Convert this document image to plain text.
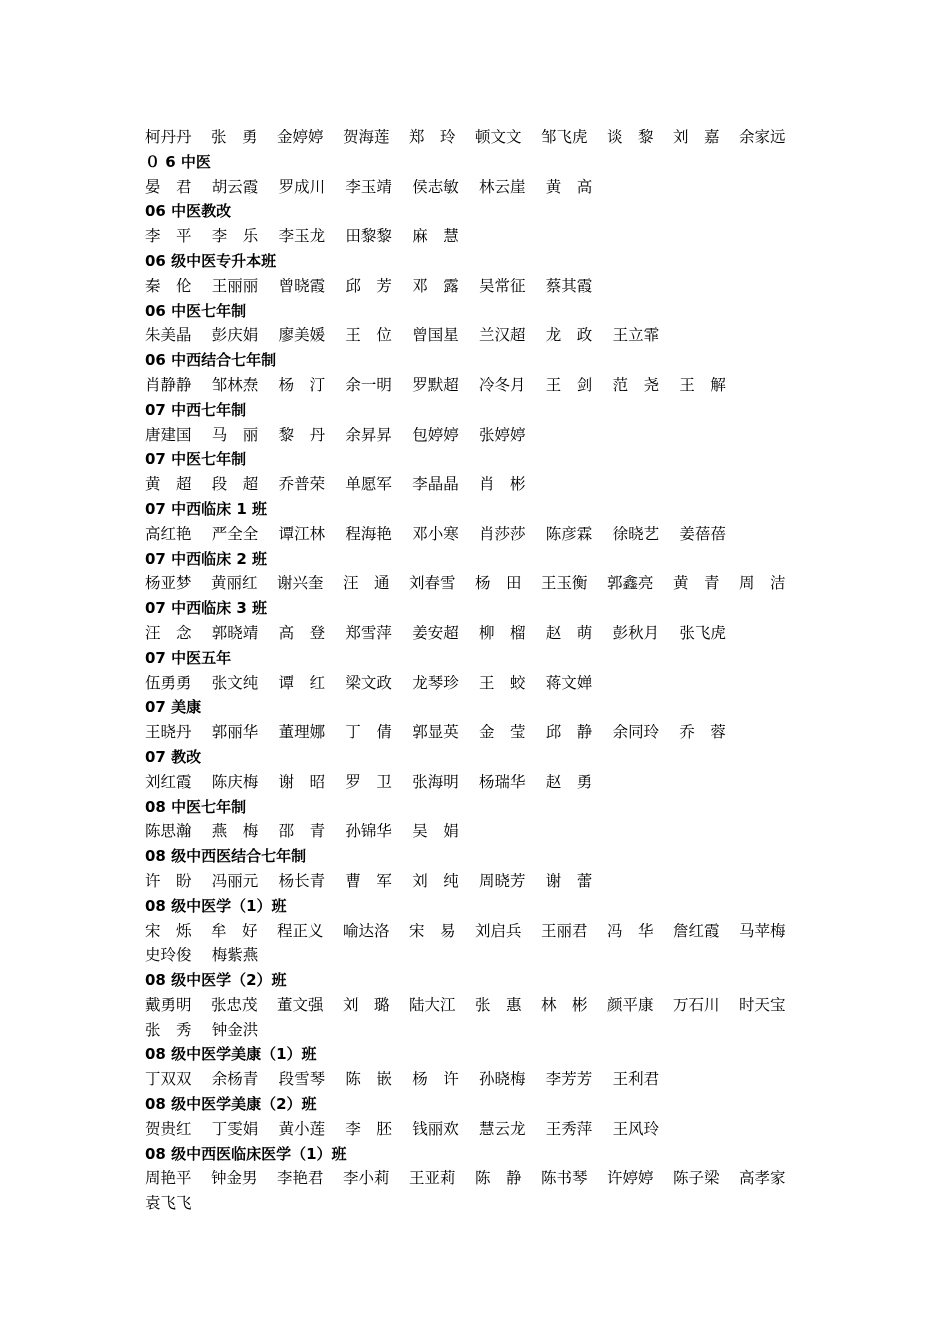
柯丹丹	张　勇	金婷婷	贺海莲	郑　玲	顿文文	邹飞虎	谈　黎	刘　嘉	余家远
０ 6 中医
晏　君	胡云霞	罗成川	李玉靖	侯志敏	林云崖	黄　高
06 中医教改
李　平	李　乐	李玉龙	田黎黎	麻　慧
06 级中医专升本班
秦　伦	王丽丽	曾晓霞	邱　芳	邓　露	吴常征	蔡其霞
06 中医七年制
朱美晶	彭庆娟	廖美媛	王　位	曾国星	兰汉超	龙　政	王立霏
06 中西结合七年制
肖静静	邹林焘	杨　汀	余一明	罗默超	冷冬月	王　剑	范　尧	王　解
07 中西七年制
唐建国	马　丽	黎　丹	余昇昇	包婷婷	张婷婷
07 中医七年制
黄　超	段　超	乔普荣	单愿军	李晶晶	肖　彬
07 中西临床 1 班
高红艳	严全全	谭江林	程海艳	邓小寒	肖莎莎	陈彦霖	徐晓艺	姜蓓蓓
07 中西临床 2 班
杨亚梦	黄丽红	谢兴奎	汪　通	刘春雪	杨　田	王玉衡	郭鑫亮	黄　青	周　洁
07 中西临床 3 班
汪　念	郭晓靖	高　登	郑雪萍	姜安超	柳　榴	赵　萌	彭秋月	张飞虎
07 中医五年
伍勇勇	张文纯	谭　红	梁文政	龙琴珍	王　蛟	蒋文婵
07 美康
王晓丹	郭丽华	董理娜	丁　倩	郭显英	金　莹	邱　静	余同玲	乔　蓉
07 教改
刘红霞	陈庆梅	谢　昭	罗　卫	张海明	杨瑞华	赵　勇
08 中医七年制
陈思瀚	燕　梅	邵　青	孙锦华	吴　娟
08 级中西医结合七年制
许　盼	冯丽元	杨长青	曹　军	刘　纯	周晓芳	谢　蕾
08 级中医学（1）班
宋　烁	牟　好	程正义	喻达洛	宋　易	刘启兵	王丽君	冯　华	詹红霞	马苹梅
史玲俊	梅紫燕
08 级中医学（2）班
戴勇明	张忠茂	董文强	刘　璐	陆大江	张　惠	林　彬	颜平康	万石川	时天宝
张　秀	钟金洪
08 级中医学美康（1）班
丁双双	余杨青	段雪琴	陈　嵌	杨　许	孙晓梅	李芳芳	王利君
08 级中医学美康（2）班
贺贵红	丁雯娟	黄小莲	李　胚	钱丽欢	慧云龙	王秀萍	王风玲
08 级中西医临床医学（1）班
周艳平	钟金男	李艳君	李小莉	王亚莉	陈　静	陈书琴	许婷婷	陈子梁	高孝家
袁飞飞
